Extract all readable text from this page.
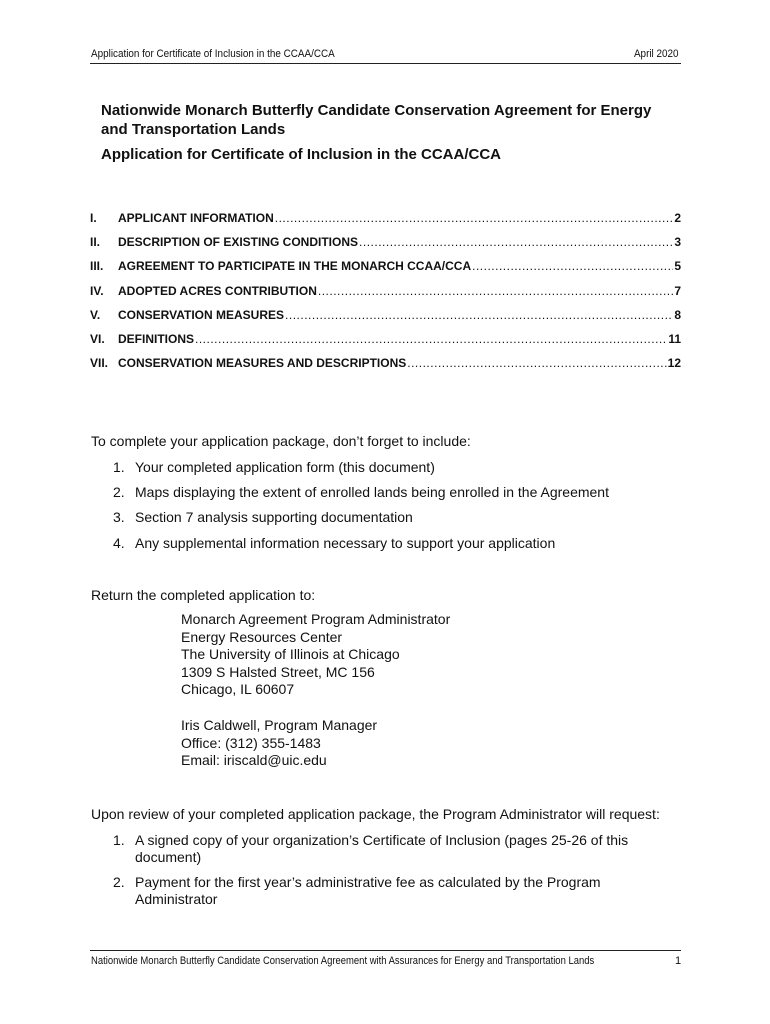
Application for Certificate of Inclusion in the CCAA/CCA	April 2020
Nationwide Monarch Butterfly Candidate Conservation Agreement for Energy and Transportation Lands
Application for Certificate of Inclusion in the CCAA/CCA
I.	APPLICANT INFORMATION .....	2
II.	DESCRIPTION OF EXISTING CONDITIONS .....	3
III.	AGREEMENT TO PARTICIPATE IN THE MONARCH CCAA/CCA .....	5
IV.	ADOPTED ACRES CONTRIBUTION .....	7
V.	CONSERVATION MEASURES .....	8
VI.	DEFINITIONS .....	11
VII. CONSERVATION MEASURES AND DESCRIPTIONS .....	12
To complete your application package, don’t forget to include:
1. Your completed application form (this document)
2. Maps displaying the extent of enrolled lands being enrolled in the Agreement
3. Section 7 analysis supporting documentation
4. Any supplemental information necessary to support your application
Return the completed application to:
Monarch Agreement Program Administrator
Energy Resources Center
The University of Illinois at Chicago
1309 S Halsted Street, MC 156
Chicago, IL 60607
Iris Caldwell, Program Manager
Office: (312) 355-1483
Email: iriscald@uic.edu
Upon review of your completed application package, the Program Administrator will request:
1. A signed copy of your organization’s Certificate of Inclusion (pages 25-26 of this document)
2. Payment for the first year’s administrative fee as calculated by the Program Administrator
Nationwide Monarch Butterfly Candidate Conservation Agreement with Assurances for Energy and Transportation Lands	1
